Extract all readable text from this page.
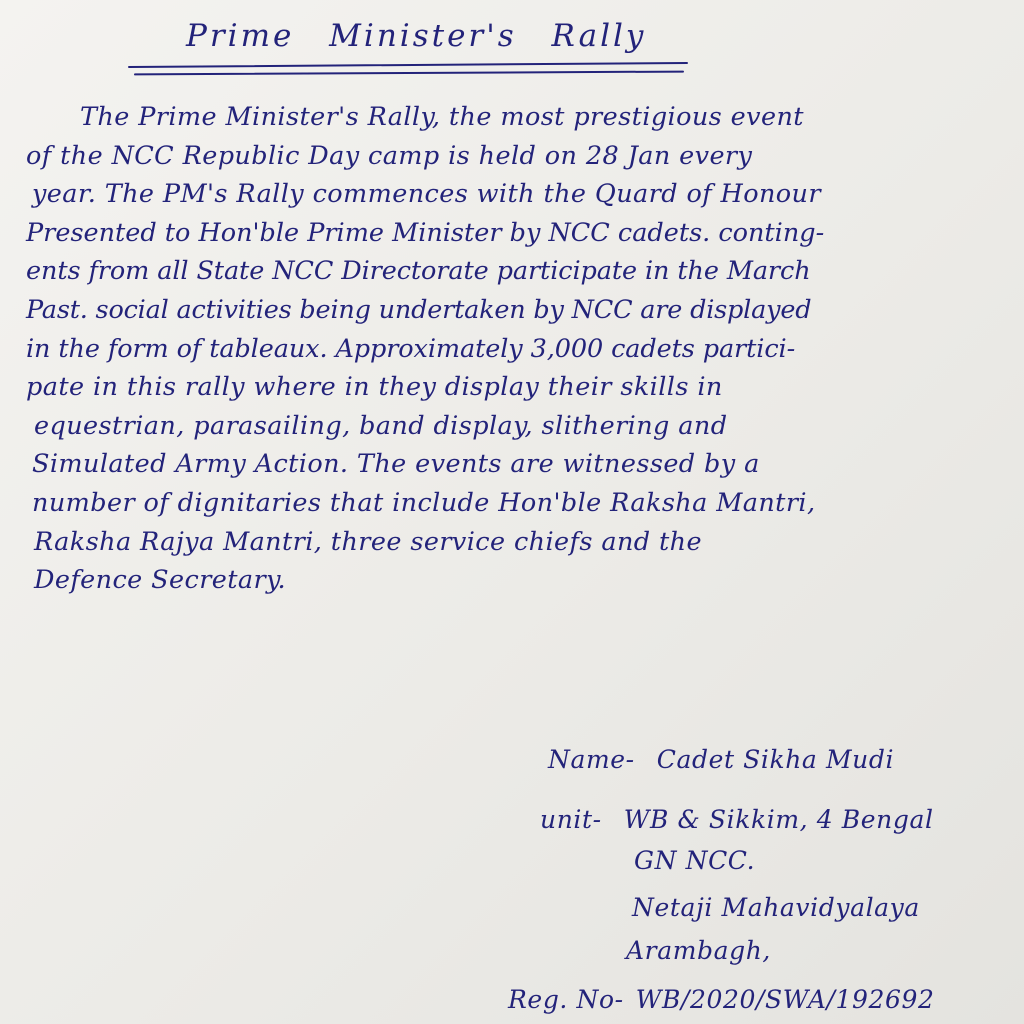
Prime Minister's Rally
The Prime Minister's Rally, the most prestigious event
of the NCC Republic Day camp is held on 28 Jan every
year. The PM's Rally commences with the Quard of Honour
Presented to Hon'ble Prime Minister by NCC cadets. conting-
ents from all State NCC Directorate participate in the March
Past. social activities being undertaken by NCC are displayed
in the form of tableaux. Approximately 3,000 cadets partici-
pate in this rally where in they display their skills in
equestrian, parasailing, band display, slithering and
Simulated Army Action. The events are witnessed by a
number of dignitaries that include Hon'ble Raksha Mantri,
Raksha Rajya Mantri, three service chiefs and the
Defence Secretary.
Name- Cadet Sikha Mudi
unit- WB & Sikkim, 4 Bengal
GN NCC.
Netaji Mahavidyalaya
Arambagh,
Reg. No- WB/2020/SWA/192692
